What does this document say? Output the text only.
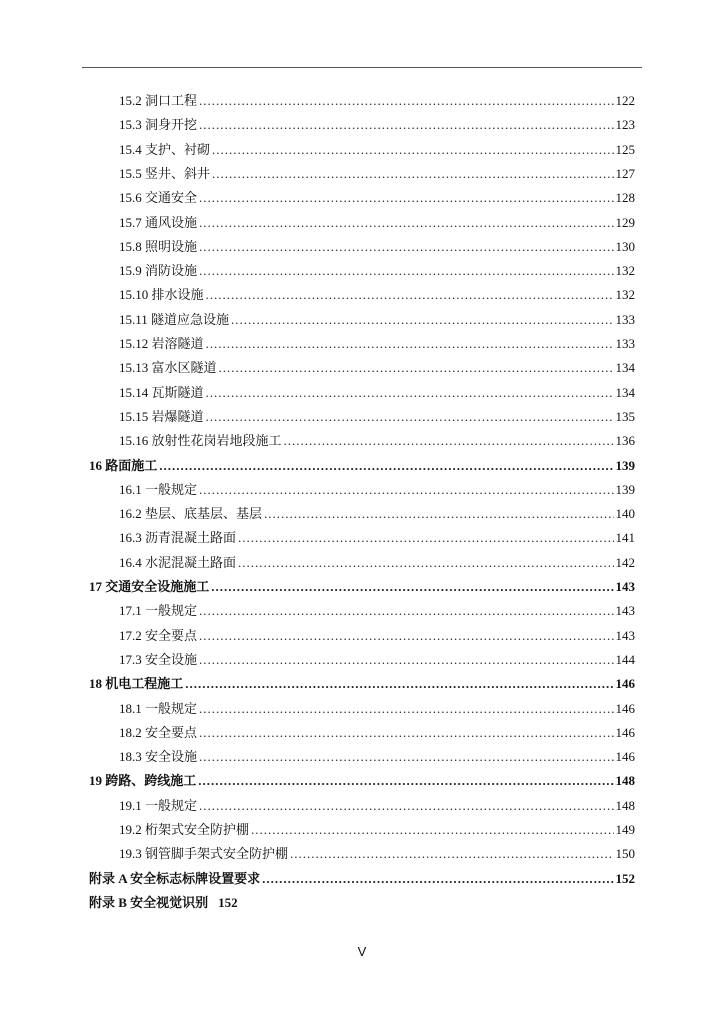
15.2 洞口工程 .....	122
15.3 洞身开挖 .....	123
15.4 支护、衬砌 .....	125
15.5 竖井、斜井 .....	127
15.6 交通安全 .....	128
15.7 通风设施 .....	129
15.8 照明设施 .....	130
15.9 消防设施 .....	132
15.10 排水设施 .....	132
15.11 隧道应急设施 .....	133
15.12 岩溶隧道 .....	133
15.13 富水区隧道 .....	134
15.14 瓦斯隧道 .....	134
15.15 岩爆隧道 .....	135
15.16 放射性花岗岩地段施工 .....	136
16 路面施工 .....	139
16.1 一般规定 .....	139
16.2 垫层、底基层、基层 .....	140
16.3 沥青混凝土路面 .....	141
16.4 水泥混凝土路面 .....	142
17 交通安全设施施工 .....	143
17.1 一般规定 .....	143
17.2 安全要点 .....	143
17.3 安全设施 .....	144
18 机电工程施工 .....	146
18.1 一般规定 .....	146
18.2 安全要点 .....	146
18.3 安全设施 .....	146
19 跨路、跨线施工 .....	148
19.1 一般规定 .....	148
19.2 桁架式安全防护棚 .....	149
19.3 钢管脚手架式安全防护棚 .....	150
附录 A 安全标志标牌设置要求 .....	152
附录 B 安全视觉识别 152
V
